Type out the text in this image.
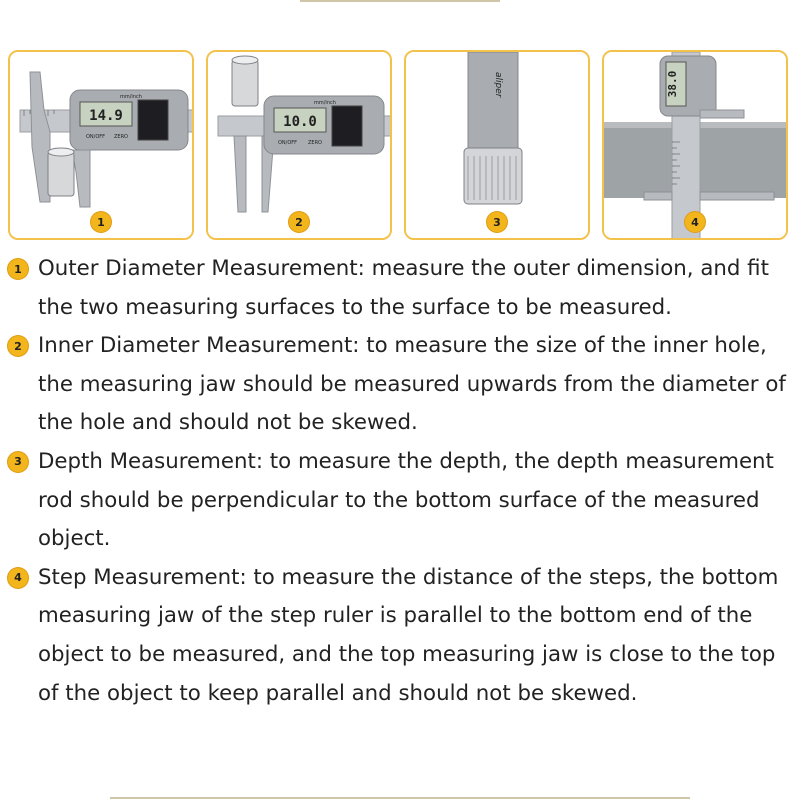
14.9
ON/OFF ZERO
mm/inch
1
10.0
ON/OFF ZERO
mm/inch
2
aliper
3
38.0
4
1 Outer Diameter Measurement: measure the outer dimension, and fit the two measuring surfaces to the surface to be measured.
2 Inner Diameter Measurement: to measure the size of the inner hole, the measuring jaw should be measured upwards from the diameter of the hole and should not be skewed.
3 Depth Measurement: to measure the depth, the depth measurement rod should be perpendicular to the bottom surface of the measured object.
4 Step Measurement: to measure the distance of the steps, the bottom measuring jaw of the step ruler is parallel to the bottom end of the object to be measured, and the top measuring jaw is close to the top of the object to keep parallel and should not be skewed.
